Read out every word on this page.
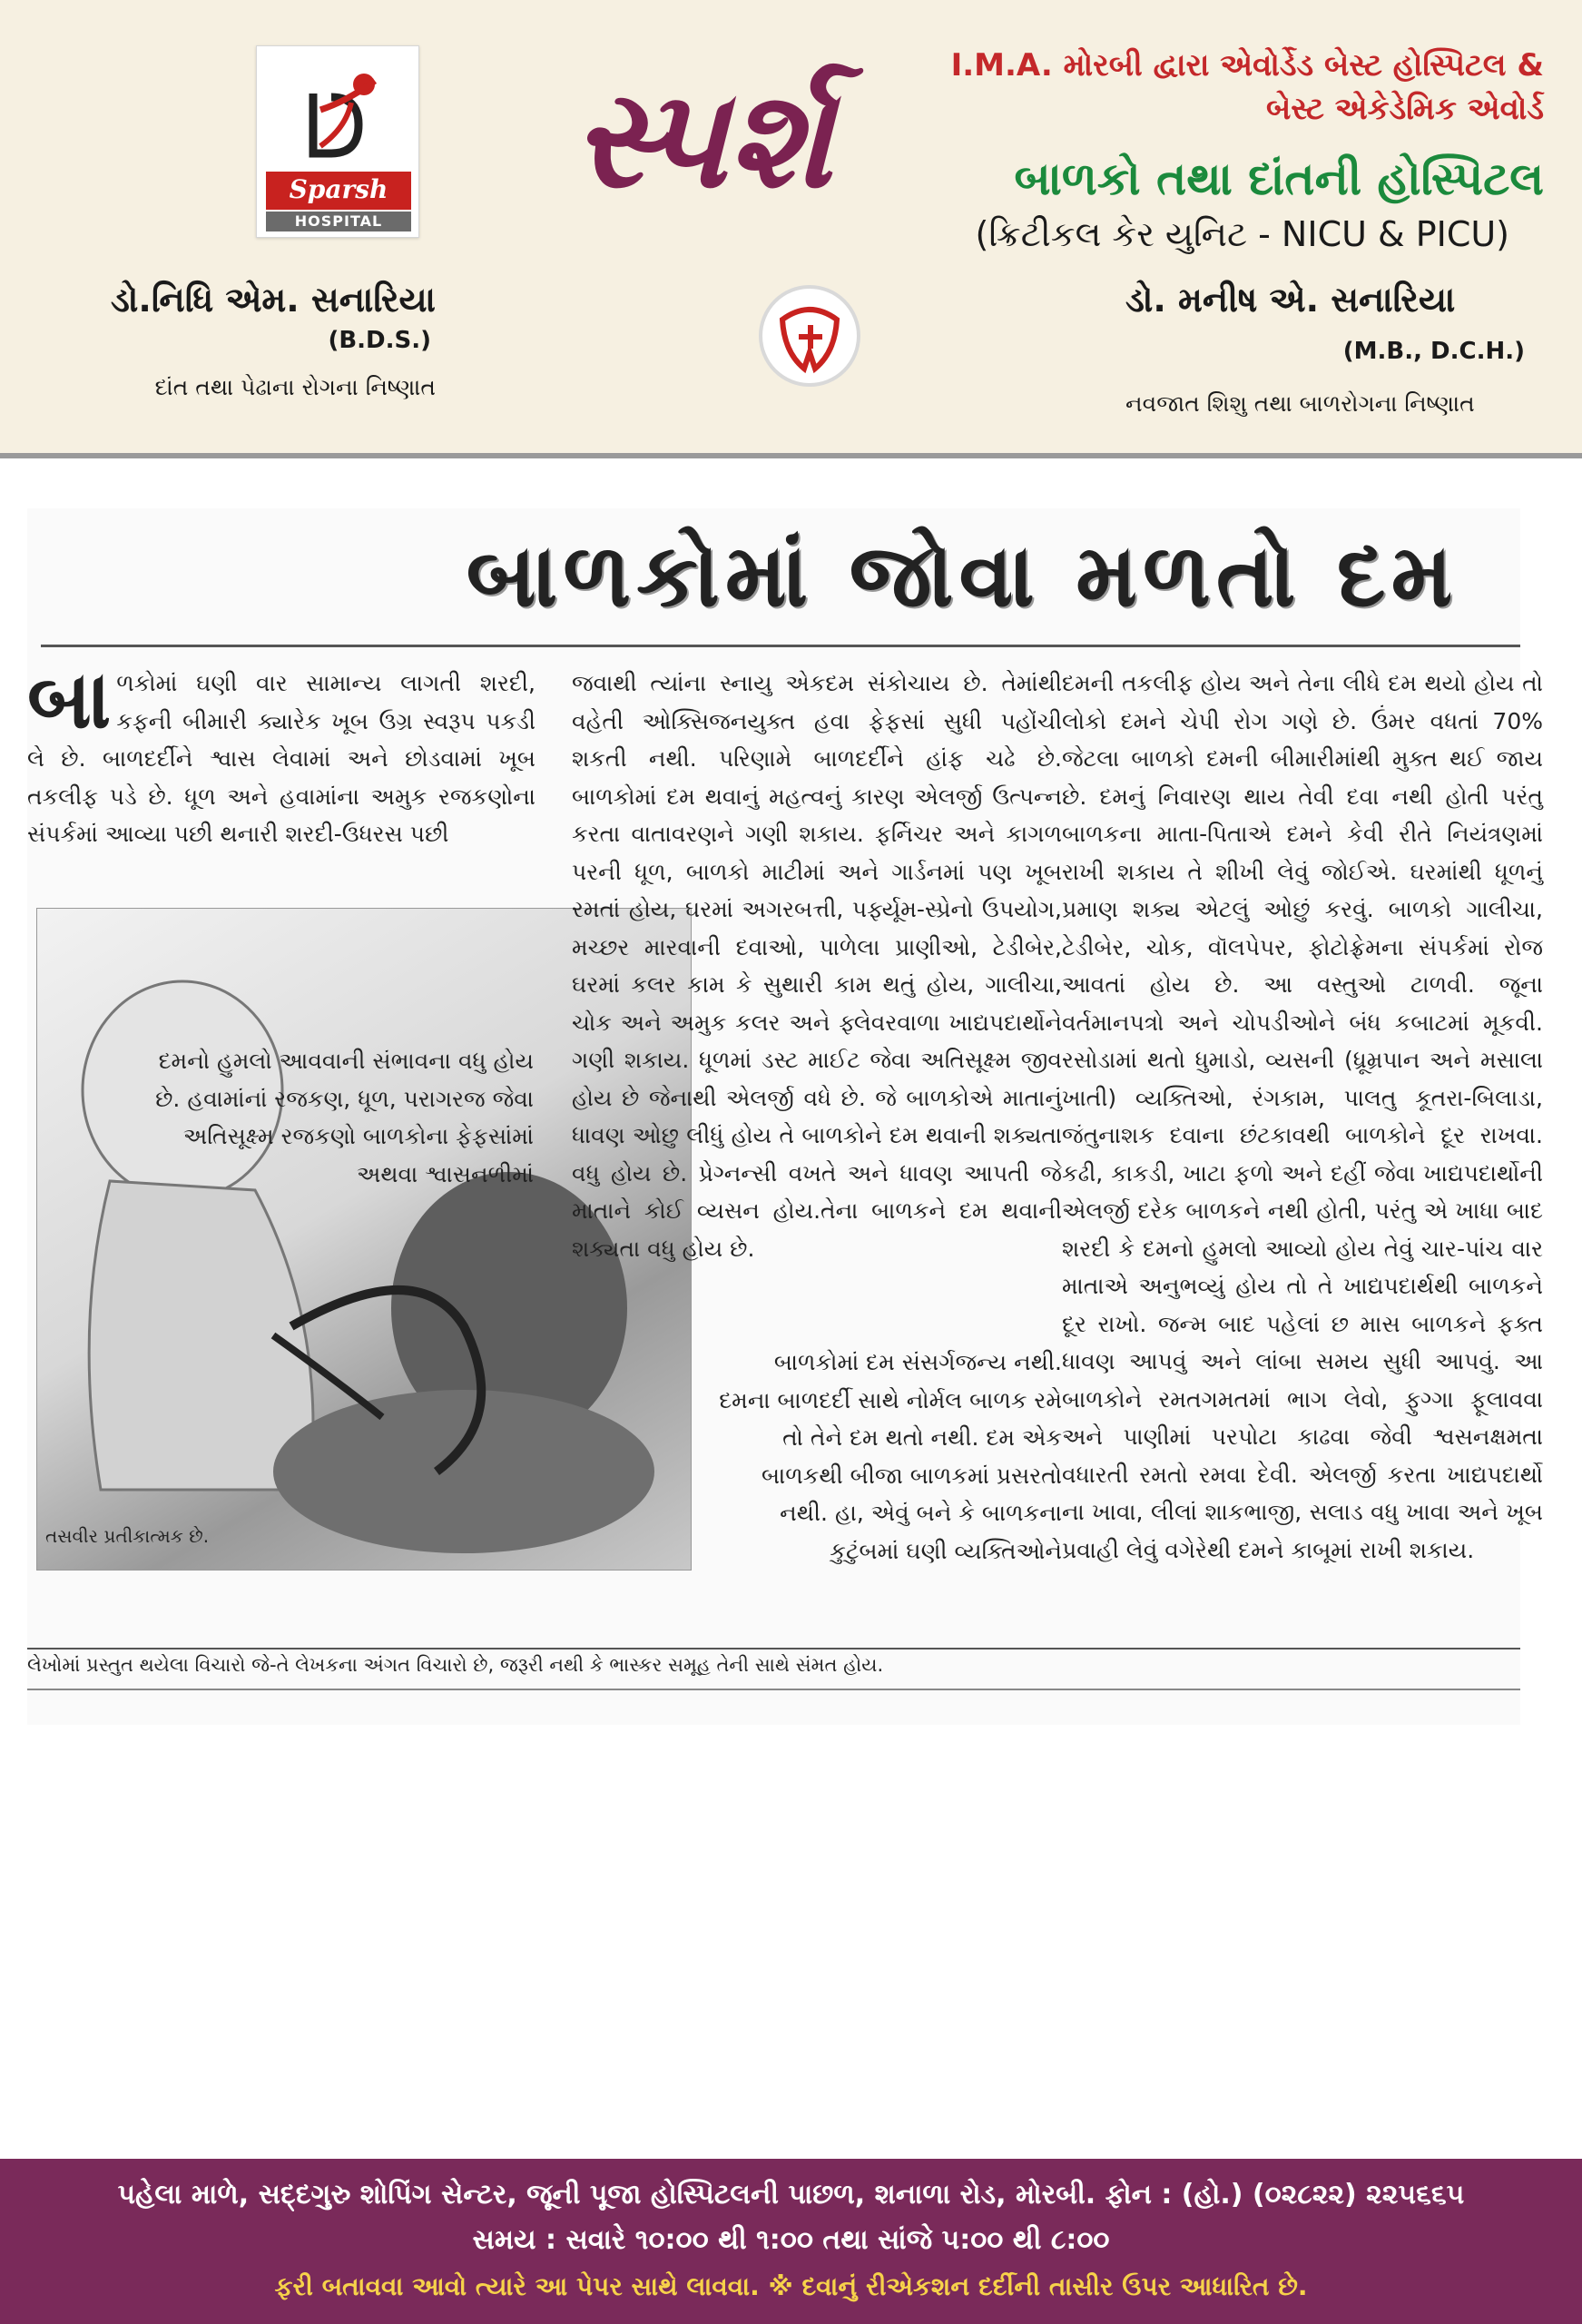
Sparsh
HOSPITAL
સ્પર્શ	I.M.A. મોરબી દ્વારા એવોર્ડેડ બેસ્ટ હોસ્પિટલ &
બેસ્ટ એકેડેમિક એવોર્ડ
બાળકો તથા દાંતની હોસ્પિટલ
(ક્રિટીકલ કેર યુનિટ - NICU & PICU)
ડો.નિધિ એમ. સનારિયા
(B.D.S.)
દાંત તથા પેઢાના રોગના નિષ્ણાત
ડો. મનીષ એ. સનારિયા
(M.B., D.C.H.)
નવજાત શિશુ તથા બાળરોગના નિષ્ણાત
બાળકોમાં જોવા મળતો દમ
બા ળકોમાં ઘણી વાર સામાન્ય લાગતી શરદી, કફની બીમારી ક્યારેક ખૂબ ઉગ્ર સ્વરૂપ પકડી લે છે. બાળદર્દીને શ્વાસ લેવામાં અને છોડવામાં ખૂબ તકલીફ પડે છે. ધૂળ અને હવામાંના અમુક રજકણોના સંપર્કમાં આવ્યા પછી થનારી શરદી-ઉધરસ પછી
તસવીર પ્રતીકાત્મક છે.
દમનો હુમલો આવવાની સંભાવના વધુ હોય છે. હવામાંનાં રજકણ, ધૂળ, પરાગરજ જેવા અતિસૂક્ષ્મ રજકણો બાળકોના ફેફસાંમાં અથવા શ્વાસનળીમાં
જવાથી ત્યાંના સ્નાયુ એકદમ સંકોચાય છે. તેમાંથી વહેતી ઓક્સિજનયુક્ત હવા ફેફસાં સુધી પહોંચી શકતી નથી. પરિણામે બાળદર્દીને હાંફ ચઢે છે. બાળકોમાં દમ થવાનું મહત્વનું કારણ એલર્જી ઉત્પન્ન કરતા વાતાવરણને ગણી શકાય. ફર્નિચર અને કાગળ પરની ધૂળ, બાળકો માટીમાં અને ગાર્ડનમાં પણ ખૂબ રમતાં હોય, ઘરમાં અગરબત્તી, પર્ફ્યૂમ-સ્પ્રેનો ઉપયોગ, મચ્છર મારવાની દવાઓ, પાળેલા પ્રાણીઓ, ટેડીબેર, ઘરમાં કલર કામ કે સુથારી કામ થતું હોય, ગાલીચા, ચોક અને અમુક કલર અને ફ્લેવરવાળા ખાદ્યપદાર્થોને ગણી શકાય. ધૂળમાં ડસ્ટ માઈટ જેવા અતિસૂક્ષ્મ જીવ હોય છે જેનાથી એલર્જી વધે છે. જે બાળકોએ માતાનું ધાવણ ઓછુ લીધું હોય તે બાળકોને દમ થવાની શક્યતા વધુ હોય છે. પ્રેગ્નન્સી વખતે અને ધાવણ આપતી જે માતાને કોઈ વ્યસન હોય.તેના બાળકને દમ થવાની શક્યતા વધુ હોય છે.
બાળકોમાં દમ સંસર્ગજન્ય નથી. દમના બાળદર્દી સાથે નોર્મલ બાળક રમે તો તેને દમ થતો નથી. દમ એક બાળકથી બીજા બાળકમાં પ્રસરતો નથી. હા, એવું બને કે બાળકના કુટુંબમાં ઘણી વ્યક્તિઓને
દમની તકલીફ હોય અને તેના લીધે દમ થયો હોય તો લોકો દમને ચેપી રોગ ગણે છે. ઉંમર વધતાં 70% જેટલા બાળકો દમની બીમારીમાંથી મુક્ત થઈ જાય છે. દમનું નિવારણ થાય તેવી દવા નથી હોતી પરંતુ બાળકના માતા-પિતાએ દમને કેવી રીતે નિયંત્રણમાં રાખી શકાય તે શીખી લેવું જોઈએ. ઘરમાંથી ધૂળનું પ્રમાણ શક્ય એટલું ઓછું કરવું. બાળકો ગાલીચા, ટેડીબેર, ચોક, વૉલપેપર, ફોટોફ્રેમના સંપર્કમાં રોજ આવતાં હોય છે. આ વસ્તુઓ ટાળવી. જૂના વર્તમાનપત્રો અને ચોપડીઓને બંધ કબાટમાં મૂકવી. રસોડામાં થતો ધુમાડો, વ્યસની (ધ્રૂમ્રપાન અને મસાલા ખાતી) વ્યક્તિઓ, રંગકામ, પાલતુ કૂતરા-બિલાડા, જંતુનાશક દવાના છંટકાવથી બાળકોને દૂર રાખવા. કઢી, કાકડી, ખાટા ફળો અને દહીં જેવા ખાદ્યપદાર્થોની એલર્જી દરેક બાળકને નથી હોતી, પરંતુ એ ખાધા બાદ શરદી કે દમનો હુમલો આવ્યો હોય તેવું ચાર-પાંચ વાર માતાએ અનુભવ્યું હોય તો તે ખાદ્યપદાર્થથી બાળકને દૂર રાખો. જન્મ બાદ પહેલાં છ માસ બાળકને ફક્ત ધાવણ આપવું અને લાંબા સમય સુધી આપવું. આ બાળકોને રમતગમતમાં ભાગ લેવો, ફુગ્ગા ફૂલાવવા અને પાણીમાં પરપોટા કાઢવા જેવી શ્વસનક્ષમતા વધારતી રમતો રમવા દેવી. એલર્જી કરતા ખાદ્યપદાર્થો ના ખાવા, લીલાં શાકભાજી, સલાડ વધુ ખાવા અને ખૂબ પ્રવાહી લેવું વગેરેથી દમને કાબૂમાં રાખી શકાય.
લેખોમાં પ્રસ્તુત થયેલા વિચારો જે-તે લેખકના અંગત વિચારો છે, જરૂરી નથી કે ભાસ્કર સમૂહ તેની સાથે સંમત હોય.
પહેલા માળે, સદ્દગુરુ શોપિંગ સેન્ટર, જૂની પૂજા હોસ્પિટલની પાછળ, શનાળા રોડ, મોરબી. ફોન : (હો.) (૦૨૮૨૨) ૨૨૫૬૬૫
સમય : સવારે ૧૦:૦૦ થી ૧:૦૦ તથા સાંજે ૫:૦૦ થી ૮:૦૦
ફરી બતાવવા આવો ત્યારે આ પેપર સાથે લાવવા. ※ દવાનું રીએકશન દર્દીની તાસીર ઉપર આધારિત છે.
